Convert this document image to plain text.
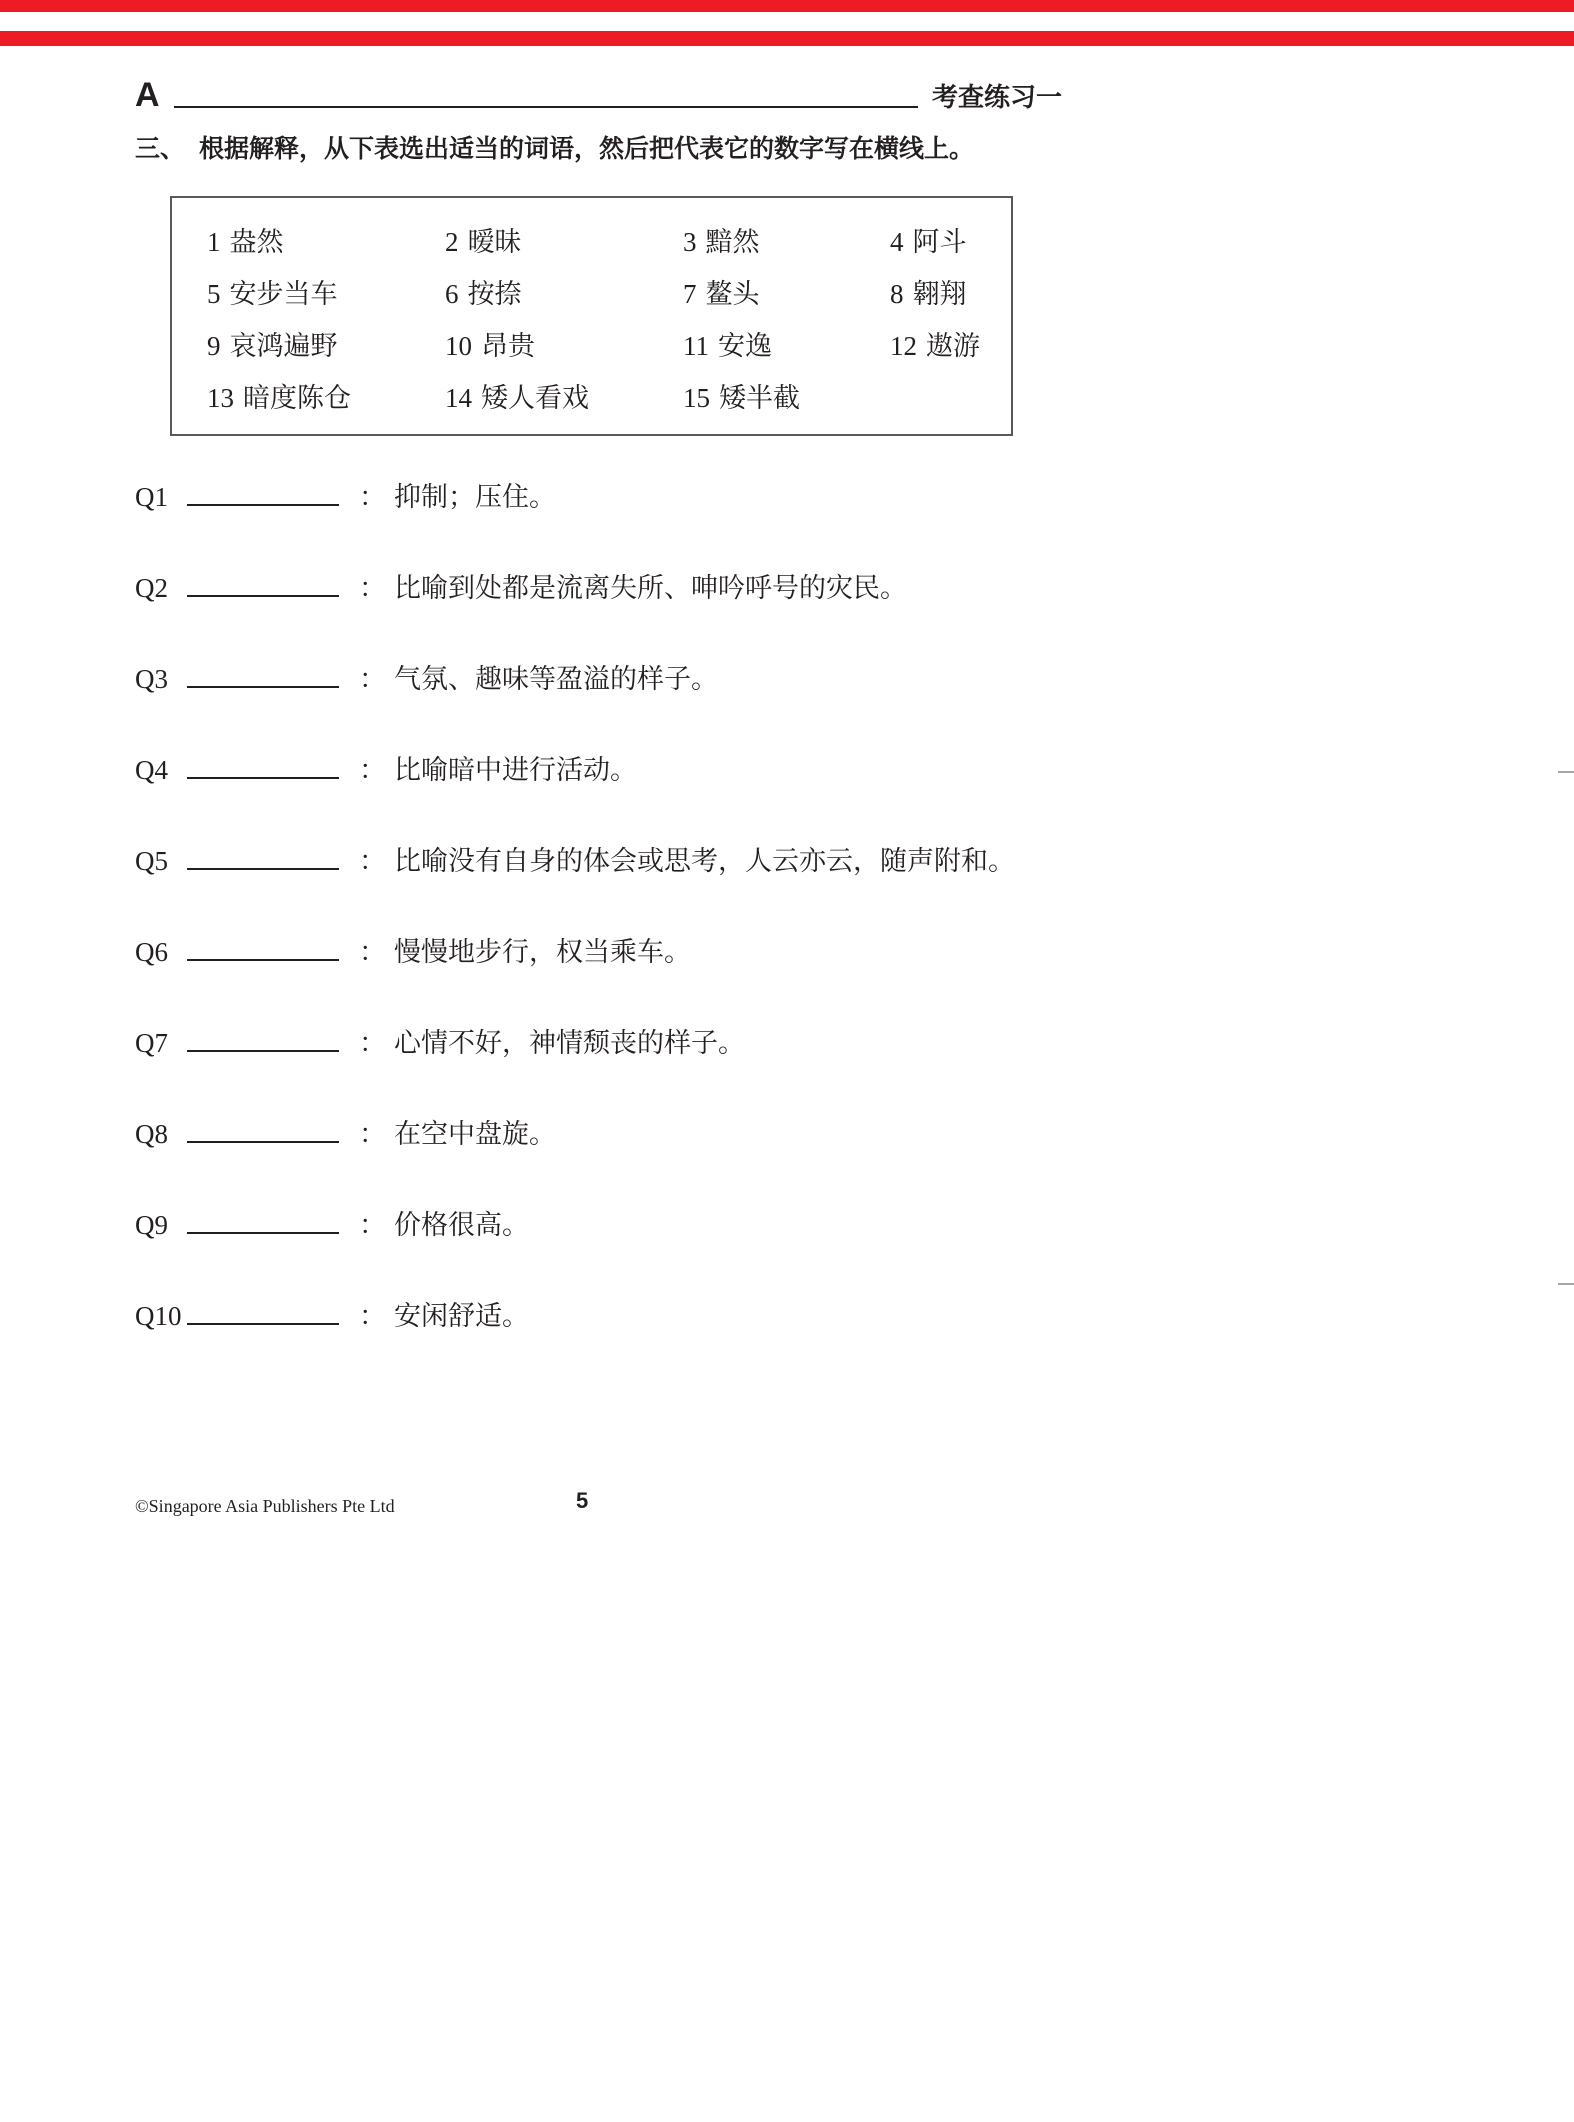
A	考查练习一
三、 根据解释，从下表选出适当的词语，然后把代表它的数字写在横线上。
1 盎然	2 暧昧	3 黯然	4 阿斗
5 安步当车	6 按捺	7 鳌头	8 翱翔
9 哀鸿遍野	10 昂贵	11 安逸	12 遨游
13 暗度陈仓	14 矮人看戏	15 矮半截
Q1	： 抑制；压住。
Q2	： 比喻到处都是流离失所、呻吟呼号的灾民。
Q3	： 气氛、趣味等盈溢的样子。
Q4	： 比喻暗中进行活动。
Q5	： 比喻没有自身的体会或思考，人云亦云，随声附和。
Q6	： 慢慢地步行，权当乘车。
Q7	： 心情不好，神情颓丧的样子。
Q8	： 在空中盘旋。
Q9	： 价格很高。
Q10	： 安闲舒适。
©Singapore Asia Publishers Pte Ltd	5
